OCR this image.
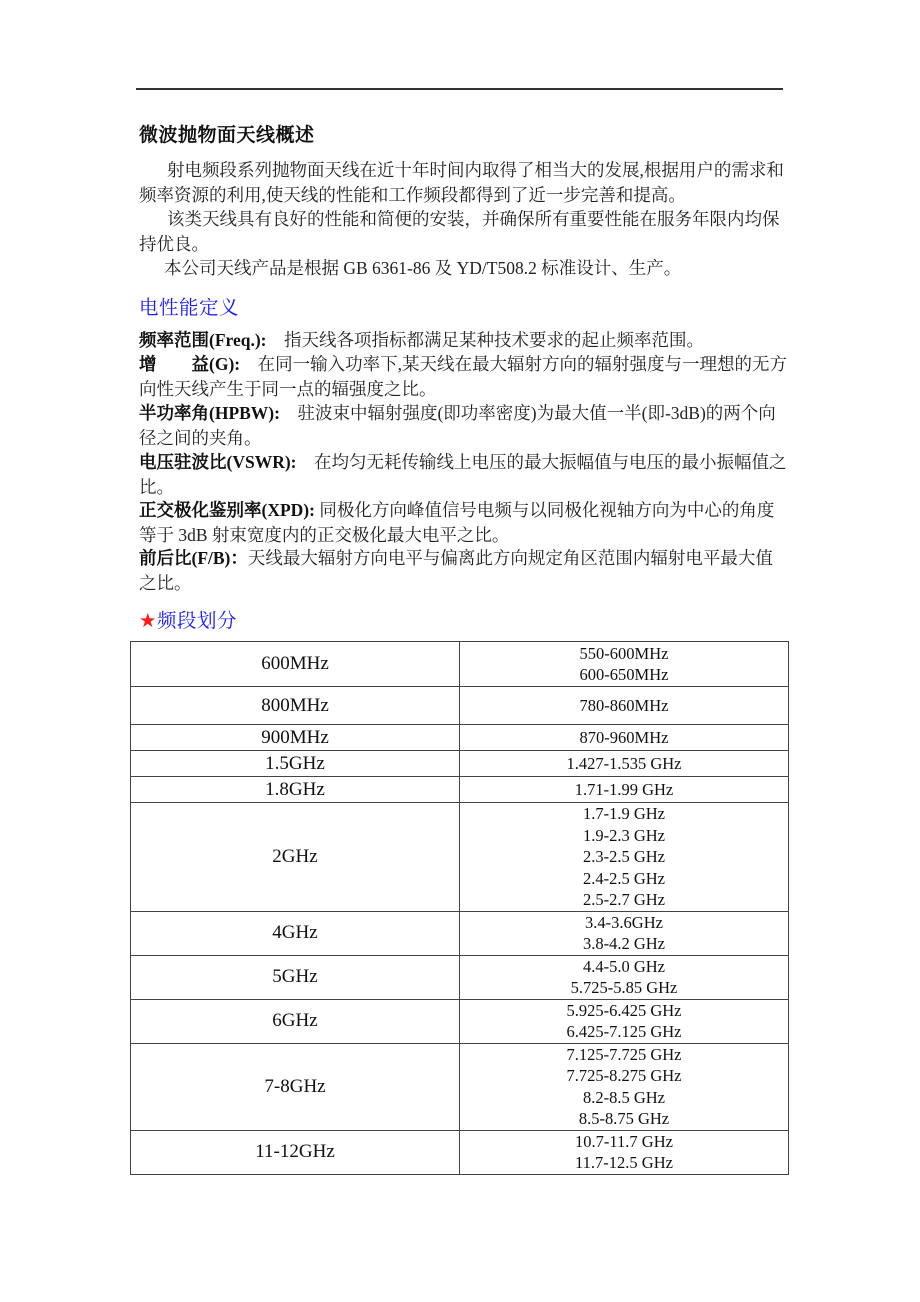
微波抛物面天线概述
射电频段系列抛物面天线在近十年时间内取得了相当大的发展,根据用户的需求和频率资源的利用,使天线的性能和工作频段都得到了近一步完善和提高。
该类天线具有良好的性能和简便的安装，并确保所有重要性能在服务年限内均保持优良。
本公司天线产品是根据 GB 6361-86 及 YD/T508.2 标准设计、生产。
电性能定义
频率范围(Freq.):　指天线各项指标都满足某种技术要求的起止频率范围。
增　　益(G):　在同一输入功率下,某天线在最大辐射方向的辐射强度与一理想的无方向性天线产生于同一点的辐强度之比。
半功率角(HPBW):　驻波束中辐射强度(即功率密度)为最大值一半(即-3dB)的两个向径之间的夹角。
电压驻波比(VSWR):　在均匀无耗传输线上电压的最大振幅值与电压的最小振幅值之比。
正交极化鉴别率(XPD): 同极化方向峰值信号电频与以同极化视轴方向为中心的角度等于 3dB 射束宽度内的正交极化最大电平之比。
前后比(F/B)：天线最大辐射方向电平与偏离此方向规定角区范围内辐射电平最大值之比。
★频段划分
600MHz	550-600MHz
600-650MHz

800MHz	780-860MHz

900MHz	870-960MHz

1.5GHz	1.427-1.535 GHz

1.8GHz	1.71-1.99 GHz

2GHz	1.7-1.9 GHz
1.9-2.3 GHz
2.3-2.5 GHz
2.4-2.5 GHz
2.5-2.7 GHz

4GHz	3.4-3.6GHz
3.8-4.2 GHz

5GHz	4.4-5.0 GHz
5.725-5.85 GHz

6GHz	5.925-6.425 GHz
6.425-7.125 GHz

7-8GHz	7.125-7.725 GHz
7.725-8.275 GHz
8.2-8.5 GHz
8.5-8.75 GHz

11-12GHz	10.7-11.7 GHz
11.7-12.5 GHz
